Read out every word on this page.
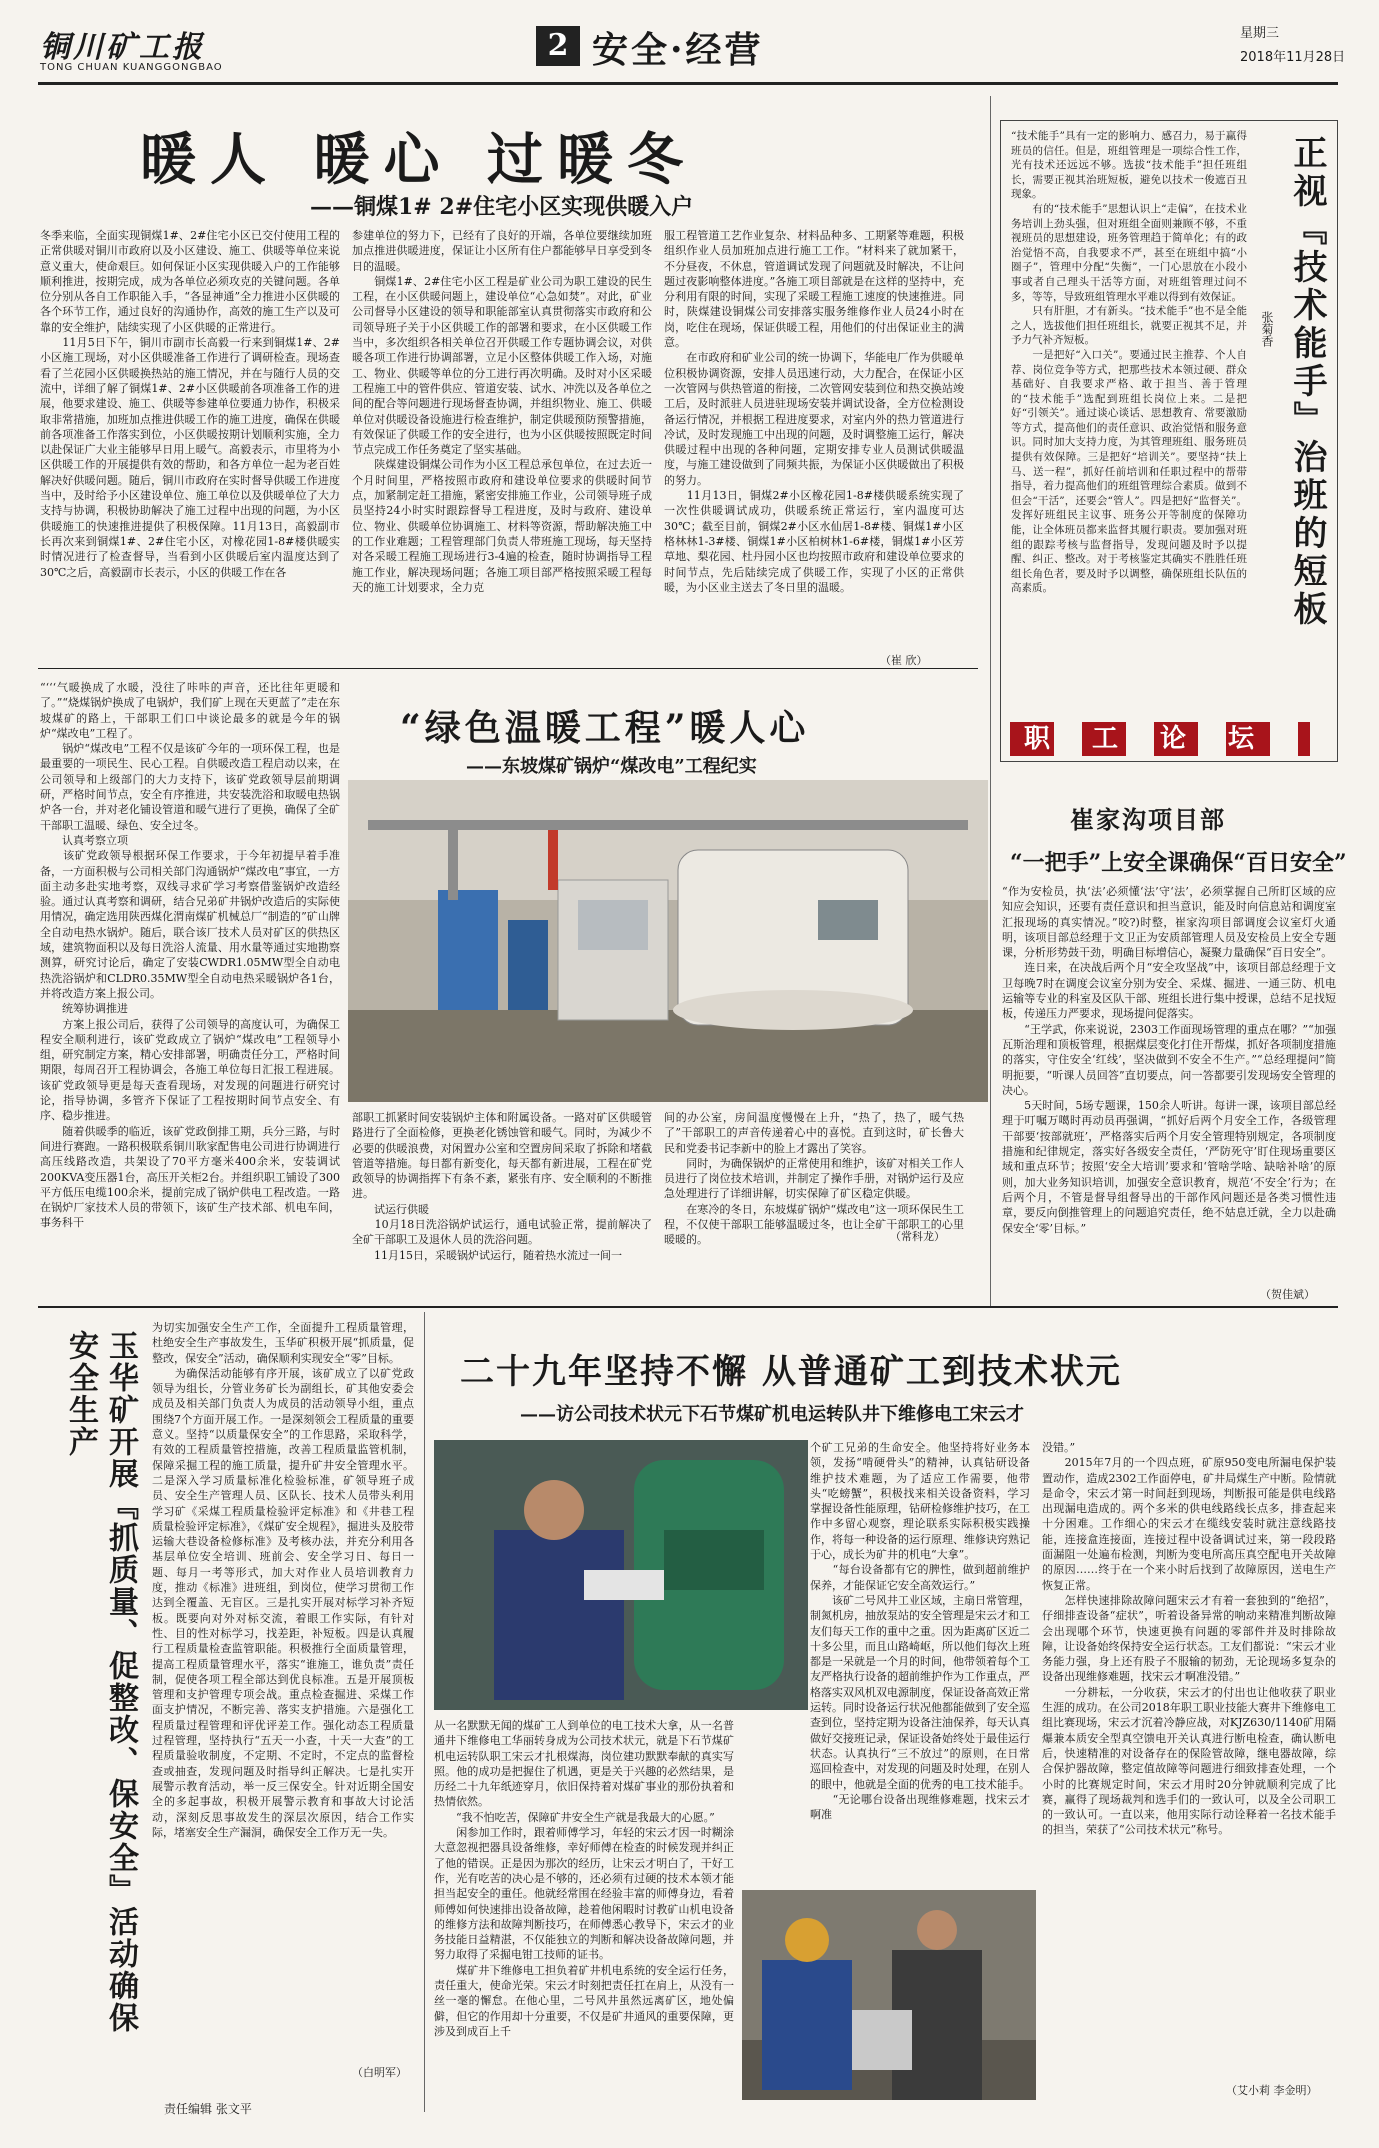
铜川矿工报
TONG CHUAN KUANGGONGBAO
2 安全·经营	星期三
2018年11月28日
暖人 暖心 过暖冬
——铜煤1# 2#住宅小区实现供暖入户
冬季来临，全面实现铜煤1#、2#住宅小区已交付使用工程的正常供暖对铜川市政府以及小区建设、施工、供暖等单位来说意义重大，使命艰巨。如何保证小区实现供暖入户的工作能够顺利推进，按期完成，成为各单位必须攻克的关键问题。各单位分别从各自工作职能入手，“各显神通”全力推进小区供暖的各个环节工作，通过良好的沟通协作，高效的施工生产以及可靠的安全维护，陆续实现了小区供暖的正常进行。
　　11月5日下午，铜川市副市长高毅一行来到铜煤1#、2#小区施工现场，对小区供暖准备工作进行了调研检查。现场查看了兰花园小区供暖换热站的施工情况，并在与随行人员的交流中，详细了解了铜煤1#、2#小区供暖前各项准备工作的进展，他要求建设、施工、供暖等参建单位要通力协作，积极采取非常措施，加班加点推进供暖工作的施工进度，确保在供暖前各项准备工作落实到位，小区供暖按期计划顺利实施，全力以赴保证广大业主能够早日用上暖气。高毅表示，市里将为小区供暖工作的开展提供有效的帮助，和各方单位一起为老百姓解决好供暖问题。随后，铜川市政府在实时督导供暖工作进度当中，及时给予小区建设单位、施工单位以及供暖单位了大力支持与协调，积极协助解决了施工过程中出现的问题，为小区供暖施工的快速推进提供了积极保障。11月13日，高毅副市长再次来到铜煤1#、2#住宅小区，对橡花园1-8#楼供暖实时情况进行了检查督导，当看到小区供暖后室内温度达到了30℃之后，高毅副市长表示，小区的供暖工作在各
参建单位的努力下，已经有了良好的开端，各单位要继续加班加点推进供暖进度，保证让小区所有住户都能够早日享受到冬日的温暖。
　　铜煤1#、2#住宅小区工程是矿业公司为职工建设的民生工程，在小区供暖问题上，建设单位“心急如焚”。对此，矿业公司督导小区建设的领导和职能部室认真贯彻落实市政府和公司领导班子关于小区供暖工作的部署和要求，在小区供暖工作当中，多次组织各相关单位召开供暖工作专题协调会议，对供暖各项工作进行协调部署，立足小区整体供暖工作入场，对施工、物业、供暖等单位的分工进行再次明确。及时对小区采暖工程施工中的管件供应、管道安装、试水、冲洗以及各单位之间的配合等问题进行现场督查协调，并组织物业、施工、供暖单位对供暖设备设施进行检查维护，制定供暖预防预警措施，有效保证了供暖工作的安全进行，也为小区供暖按照既定时间节点完成工作任务奠定了坚实基础。
　　陕煤建设铜煤公司作为小区工程总承包单位，在过去近一个月时间里，严格按照市政府和建设单位要求的供暖时间节点，加紧制定赶工措施，紧密安排施工作业，公司领导班子成员坚持24小时实时跟踪督导工程进度，及时与政府、建设单位、物业、供暖单位协调施工、材料等资源，帮助解决施工中的工作业难题；工程管理部门负责人带班施工现场，每天坚持对各采暖工程施工现场进行3-4遍的检查，随时协调指导工程施工作业，解决现场问题；各施工项目部严格按照采暖工程每天的施工计划要求，全力克
服工程管道工艺作业复杂、材料品种多、工期紧等难题，积极组织作业人员加班加点进行施工工作。“材料来了就加紧干，不分昼夜，不休息，管道调试发现了问题就及时解决，不让问题过夜影响整体进度。”各施工项目部就是在这样的坚持中，充分利用有限的时间，实现了采暖工程施工速度的快速推进。同时，陕煤建设铜煤公司安排落实服务维修作业人员24小时在岗，吃住在现场，保证供暖工程，用他们的付出保证业主的满意。
　　在市政府和矿业公司的统一协调下，华能电厂作为供暖单位积极协调资源，安排人员迅速行动，大力配合，在保证小区一次管网与供热管道的衔接，二次管网安装到位和热交换站竣工后，及时派驻人员进驻现场安装并调试设备，全方位检测设备运行情况，并根据工程进度要求，对室内外的热力管道进行冷试，及时发现施工中出现的问题，及时调整施工运行，解决供暖过程中出现的各种问题，定期安排专业人员测试供暖温度，与施工建设做到了同频共振，为保证小区供暖做出了积极的努力。
　　11月13日，铜煤2#小区橡花园1-8#楼供暖系统实现了一次性供暖调试成功，供暖系统正常运行，室内温度可达30℃；截至目前，铜煤2#小区水仙居1-8#楼、铜煤1#小区格林林1-3#楼、铜煤1#小区柏树林1-6#楼，铜煤1#小区芳草地、梨花园、杜丹园小区也均按照市政府和建设单位要求的时间节点，先后陆续完成了供暖工作，实现了小区的正常供暖，为小区业主送去了冬日里的温暖。
（崔 欣）
“技术能手”具有一定的影响力、感召力，易于赢得班员的信任。但是，班组管理是一项综合性工作，光有技术还远远不够。选拔“技术能手”担任班组长，需要正视其治班短板，避免以技术一俊遮百丑现象。
　　有的“技术能手”思想认识上“走偏”，在技术业务培训上劲头强，但对班组全面则兼顾不够，不重视班员的思想建设，班务管理趋于简单化；有的政治觉悟不高，自我要求不严，甚至在班组中搞“小圈子”，管理中分配“失衡”，一门心思放在小段小事或者自己理头干活等方面，对班组管理过问不多，等等，导致班组管理水平难以得到有效保证。
　　只有肝胆，才有新头。“技术能手”也不是全能之人，选拔他们担任班组长，就要正视其不足，并予力气补齐短板。
　　一是把好“入口关”。要通过民主推荐、个人自荐、岗位竞争等方式，把那些技术本领过硬、群众基础好、自我要求严格、敢于担当、善于管理的“技术能手”选配到班组长岗位上来。二是把好“引领关”。通过谈心谈话、思想教育、常要激励等方式，提高他们的责任意识、政治觉悟和服务意识。同时加大支持力度，为其管理班组、服务班员提供有效保障。三是把好“培训关”。要坚持“扶上马、送一程”，抓好任前培训和任职过程中的帮带指导，着力提高他们的班组管理综合素质。做到不但会“干活”，还要会“管人”。四是把好“监督关”。发挥好班组民主议事、班务公开等制度的保障功能，让全体班员都来监督其履行职责。要加强对班组的跟踪考核与监督指导，发现问题及时予以提醒、纠正、整改。对于考核鉴定其确实不胜胜任班组长角色者，要及时予以调整，确保班组长队伍的高素质。	正视『技术能手』治班的短板
张菊香
职工论坛
“‘‘‘气暖换成了水暖，没往了咔咔的声音，还比往年更暖和了。”“烧煤锅炉换成了电锅炉，我们矿上现在天更蓝了”走在东坡煤矿的路上，干部职工们口中谈论最多的就是今年的锅炉“煤改电”工程了。
　　锅炉“煤改电”工程不仅是该矿今年的一项环保工程，也是最重要的一项民生、民心工程。自供暖改造工程启动以来，在公司领导和上级部门的大力支持下，该矿党政领导层前期调研，严格时间节点，安全有序推进，共安装洗浴和取暖电热锅炉各一台，并对老化铺设管道和暖气进行了更换，确保了全矿干部职工温暖、绿色、安全过冬。
　　认真考察立项
　　该矿党政领导根据环保工作要求，于今年初提早着手准备，一方面积极与公司相关部门沟通锅炉“煤改电”事宜，一方面主动多赴实地考察，双线寻求矿学习考察借鉴锅炉改造经验。通过认真考察和调研，结合兄弟矿井锅炉改造后的实际使用情况，确定选用陕西煤化渭南煤矿机械总厂“制造的”矿山牌全自动电热水锅炉。随后，联合该厂技术人员对矿区的供热区域，建筑物面积以及每日洗浴人流量、用水量等通过实地勘察测算，研究讨论后，确定了安装CWDR1.05MW型全自动电热洗浴锅炉和CLDR0.35MW型全自动电热采暖锅炉各1台，并将改造方案上报公司。
　　统筹协调推进
　　方案上报公司后，获得了公司领导的高度认可，为确保工程安全顺利进行，该矿党政成立了锅炉“煤改电”工程领导小组，研究制定方案，精心安排部署，明确责任分工，严格时间期限，每周召开工程协调会，各施工单位每日汇报工程进展。该矿党政领导更是每天查看现场，对发现的问题进行研究讨论，指导协调，多管齐下保证了工程按期时间节点安全、有序、稳步推进。
　　随着供暖季的临近，该矿党政倒排工期，兵分三路，与时间进行赛跑。一路积极联系铜川耿家配售电公司进行协调进行高压线路改造，共架设了70平方毫米400余米，安装调试200KVA变压器1台，高压开关柜2台。并组织职工铺设了300平方低压电缆100余米，提前完成了锅炉供电工程改造。一路在锅炉厂家技术人员的带领下，该矿生产技术部、机电车间，事务科干
“绿色温暖工程”暖人心
——东坡煤矿锅炉“煤改电”工程纪实
部职工抓紧时间安装锅炉主体和附属设备。一路对矿区供暖管路进行了全面检修，更换老化锈蚀管和暖气。同时，为减少不必要的供暖浪费，对闲置办公室和空置房间采取了拆除和堵截管道等措施。每日都有新变化，每天都有新进展，工程在矿党政领导的协调指挥下有条不紊，紧张有序、安全顺利的不断推进。
　　试运行供暖
　　10月18日洗浴锅炉试运行，通电试验正常，提前解决了全矿干部职工及退休人员的洗浴问题。
　　11月15日，采暖锅炉试运行，随着热水流过一间一
间的办公室，房间温度慢慢在上升，“热了，热了，暖气热了”干部职工的声音传递着心中的喜悦。直到这时，矿长鲁大民和党委书记李新中的脸上才露出了笑容。
　　同时，为确保锅炉的正常使用和维护，该矿对相关工作人员进行了岗位技术培训，并制定了操作手册，对锅炉运行及应急处理进行了详细讲解，切实保障了矿区稳定供暖。
　　在寒冷的冬日，东坡煤矿锅炉“煤改电”这一项环保民生工程，不仅使干部职工能够温暖过冬，也让全矿干部职工的心里暖暖的。	（常科龙）
崔家沟项目部
“一把手”上安全课确保“百日安全”
“作为安检员，执‘法’必须懂‘法’守‘法’，必须掌握自己所盯区域的应知应会知识，还要有责任意识和担当意识，能及时向信息站和调度室汇报现场的真实情况。”咬?)时整，崔家沟项目部调度会议室灯火通明，该项目部总经理于文卫正为安质部管理人员及安检员上安全专题课，分析形势鼓干劲，明确目标增信心，凝聚力量确保“百日安全”。
　　连日来，在决战后两个月“安全攻坚战”中，该项目部总经理于文卫每晚7时在调度会议室分别为安全、采煤、掘进、一通三防、机电运输等专业的科室及区队干部、班组长进行集中授课，总结不足找短板，传递压力严要求，现场提问促落实。
　　“王学武，你来说说，2303工作面现场管理的重点在哪？”“加强瓦斯治理和顶板管理，根据煤层变化打住开帮煤，抓好各项制度措施的落实，守住安全‘红线’，坚决做到不安全不生产。”“总经理提问”简明扼要，“听课人员回答”直切要点，问一答都要引发现场安全管理的决心。
　　5天时间，5场专题课，150余人听讲。每讲一课，该项目部总经理于叮嘱万噶时再动员再强调，“抓好后两个月安全工作，各级管理干部要‘按部就班’，严格落实后两个月安全管理特别规定，各项制度措施和纪律规定，落实好各级安全责任，‘严防死守’盯住现场重要区域和重点环节；按照‘安全大培训’要求和‘管啥学啥、缺啥补啥’的原则，加大业务知识培训，加强安全意识教育，规范‘不安全’行为；在后两个月，不管是督导组督导出的干部作风问题还是各类习惯性违章，要反向倒推管理上的问题追究责任，绝不姑息迁就，全力以赴确保安全‘零’目标。”
（贺佳斌）
玉华矿开展『抓质量、促整改、保安全』活动确保安全生产
为切实加强安全生产工作，全面提升工程质量管理，杜绝安全生产事故发生，玉华矿积极开展“抓质量，促整改，保安全”活动，确保顺利实现安全“零”目标。
　　为确保活动能够有序开展，该矿成立了以矿党政领导为组长，分管业务矿长为副组长，矿其他安委会成员及相关部门负责人为成员的活动领导小组，重点围绕7个方面开展工作。一是深刻领会工程质量的重要意义。坚持“以质量保安全”的工作思路，采取科学，有效的工程质量管控措施，改善工程质量监管机制，保障采掘工程的施工质量，提升矿井安全管理水平。二是深入学习质量标准化检验标准，矿领导班子成员、安全生产管理人员、区队长、技术人员带头利用学习矿《采煤工程质量检验评定标准》和《井巷工程质量检验评定标准》，《煤矿安全规程》，掘进头及胶带运输大巷设备检修标准》及考核办法，并充分利用各基层单位安全培训、班前会、安全学习日、每日一题、每月一考等形式，加大对作业人员培训教育力度，推动《标准》进班组，到岗位，使学习贯彻工作达到全覆盖、无盲区。三是扎实开展对标学习补齐短板。既要向对外对标交流，着眼工作实际，有针对性、目的性对标学习，找差距，补短板。四是认真履行工程质量检查监管职能。积极推行全面质量管理，提高工程质量管理水平，落实“谁施工，谁负责”责任制，促使各项工程全部达到优良标准。五是开展顶板管理和支护管理专项会战。重点检查掘进、采煤工作面支护情况，不断完善、落实支护措施。六是强化工程质量过程管理和评优评差工作。强化动态工程质量过程管理，坚持执行“五天一小查，十天一大查”的工程质量验收制度，不定期、不定时，不定点的监督检查或抽查，发现问题及时指导纠正解决。七是扎实开展警示教育活动，举一反三保安全。针对近期全国安全的多起事故，积极开展警示教育和事故大讨论活动，深刻反思事故发生的深层次原因，结合工作实际，堵塞安全生产漏洞，确保安全工作万无一失。
（白明军）
二十九年坚持不懈 从普通矿工到技术状元
——访公司技术状元下石节煤矿机电运转队井下维修电工宋云才
从一名默默无闻的煤矿工人到单位的电工技术大拿，从一名普通井下维修电工华丽转身成为公司技术状元，就是下石节煤矿机电运转队职工宋云才扎根煤海，岗位建功默默奉献的真实写照。他的成功是把握住了机遇，更是关于兴趣的必然结果，是历经二十九年纸迹穿月，依旧保持着对煤矿事业的那份执着和热情依然。
　　“我不怕吃苦，保障矿井安全生产就是我最大的心愿。”
　　闲参加工作时，跟着师傅学习，年轻的宋云才因一时糊涂大意忽视把器具设备维修，幸好师傅在检查的时候发现并纠正了他的错误。正是因为那次的经历，让宋云才明白了，干好工作，光有吃苦的决心是不够的，还必须有过硬的技术本领才能担当起安全的重任。他就经常围在经验丰富的师傅身边，看着师傅如何快速排出设备故障，趁着他闲暇时讨教矿山机电设备的维修方法和故障判断技巧，在师傅悉心教导下，宋云才的业务技能日益精湛，不仅能独立的判断和解决设备故障问题，并努力取得了采掘电钳工技师的证书。
　　煤矿井下维修电工担负着矿井机电系统的安全运行任务，责任重大，使命光荣。宋云才时刻把责任扛在肩上，从没有一丝一毫的懈怠。在他心里，二号风井虽然远离矿区，地处偏僻，但它的作用却十分重要，不仅是矿井通风的重要保障，更涉及到成百上千
个矿工兄弟的生命安全。他坚持将好业务本领，发扬“啃硬骨头”的精神，认真钻研设备维护技术难题，为了适应工作需要，他带头“吃螃蟹”，积极找来相关设备资料，学习掌握设备性能原理，钻研检修维护技巧，在工作中多留心观察，理论联系实际积极实践操作，将每一种设备的运行原理、维修诀窍熟记于心，成长为矿井的机电“大拿”。
　　“每台设备都有它的脾性，做到超前维护保养，才能保证它安全高效运行。”
　　该矿二号风井工业区域，主扇日常管理，制氮机房，抽放泵站的安全管理是宋云才和工友们每天工作的重中之重。因为距离矿区近二十多公里，而且山路崎岖，所以他们每次上班都是一呆就是一个月的时间，他带领着每个工友严格执行设备的超前维护作为工作重点，严格落实双风机双电源制度，保证设备高效正常运转。同时设备运行状况他都能做到了安全巡查到位，坚持定期为设备注油保养，每天认真做好交接班记录，保证设备始终处于最佳运行状态。认真执行“三不放过”的原则，在日常巡回检查中，对发现的问题及时处理，在别人的眼中，他就是全面的优秀的电工技术能手。
　　“无论哪台设备出现维修难题，找宋云才啊准
没错。”
　　2015年7月的一个四点班，矿原950变电所漏电保护装置动作，造成2302工作面停电，矿井局煤生产中断。险情就是命令，宋云才第一时间赶到现场，判断报可能是供电线路出现漏电造成的。两个多米的供电线路线长点多，排查起来十分困难。工作细心的宋云才在缆线安装时就注意线路技能，连接盒连接面，连接过程中设备调试过来，第一段段路面漏阻一处遍布检测，判断为变电所高压真空配电开关故障的原因……终于在一个来小时后找到了故障原因，送电生产恢复正常。
　　怎样快速排除故障问题宋云才有着一套独到的“绝招”，仔细排查设备“症状”，听着设备异常的响动来精准判断故障会出现哪个环节，快速更换有问题的零部件并及时排除故障，让设备始终保持安全运行状态。工友们都说：“宋云才业务能力强，身上还有股子不服输的韧劲，无论现场多复杂的设备出现维修难题，找宋云才啊准没错。”
　　一分耕耘，一分收获，宋云才的付出也让他收获了职业生涯的成功。在公司2018年职工职业技能大赛井下维修电工组比赛现场，宋云才沉着冷静应战，对KJZ630/1140矿用隔爆兼本质安全型真空馈电开关认真进行断电检查，确认断电后，快速精准的对设备存在的保险管故障，继电器故障，综合保护器故障，整定值故障等问题进行细致排查处理，一个小时的比赛规定时间，宋云才用时20分钟就顺利完成了比赛，赢得了现场裁判和选手们的一致认可，以及全公司职工的一致认可。一直以来，他用实际行动诠释着一名技术能手的担当，荣获了“公司技术状元”称号。
（艾小莉 李金明）
责任编辑 张文平
